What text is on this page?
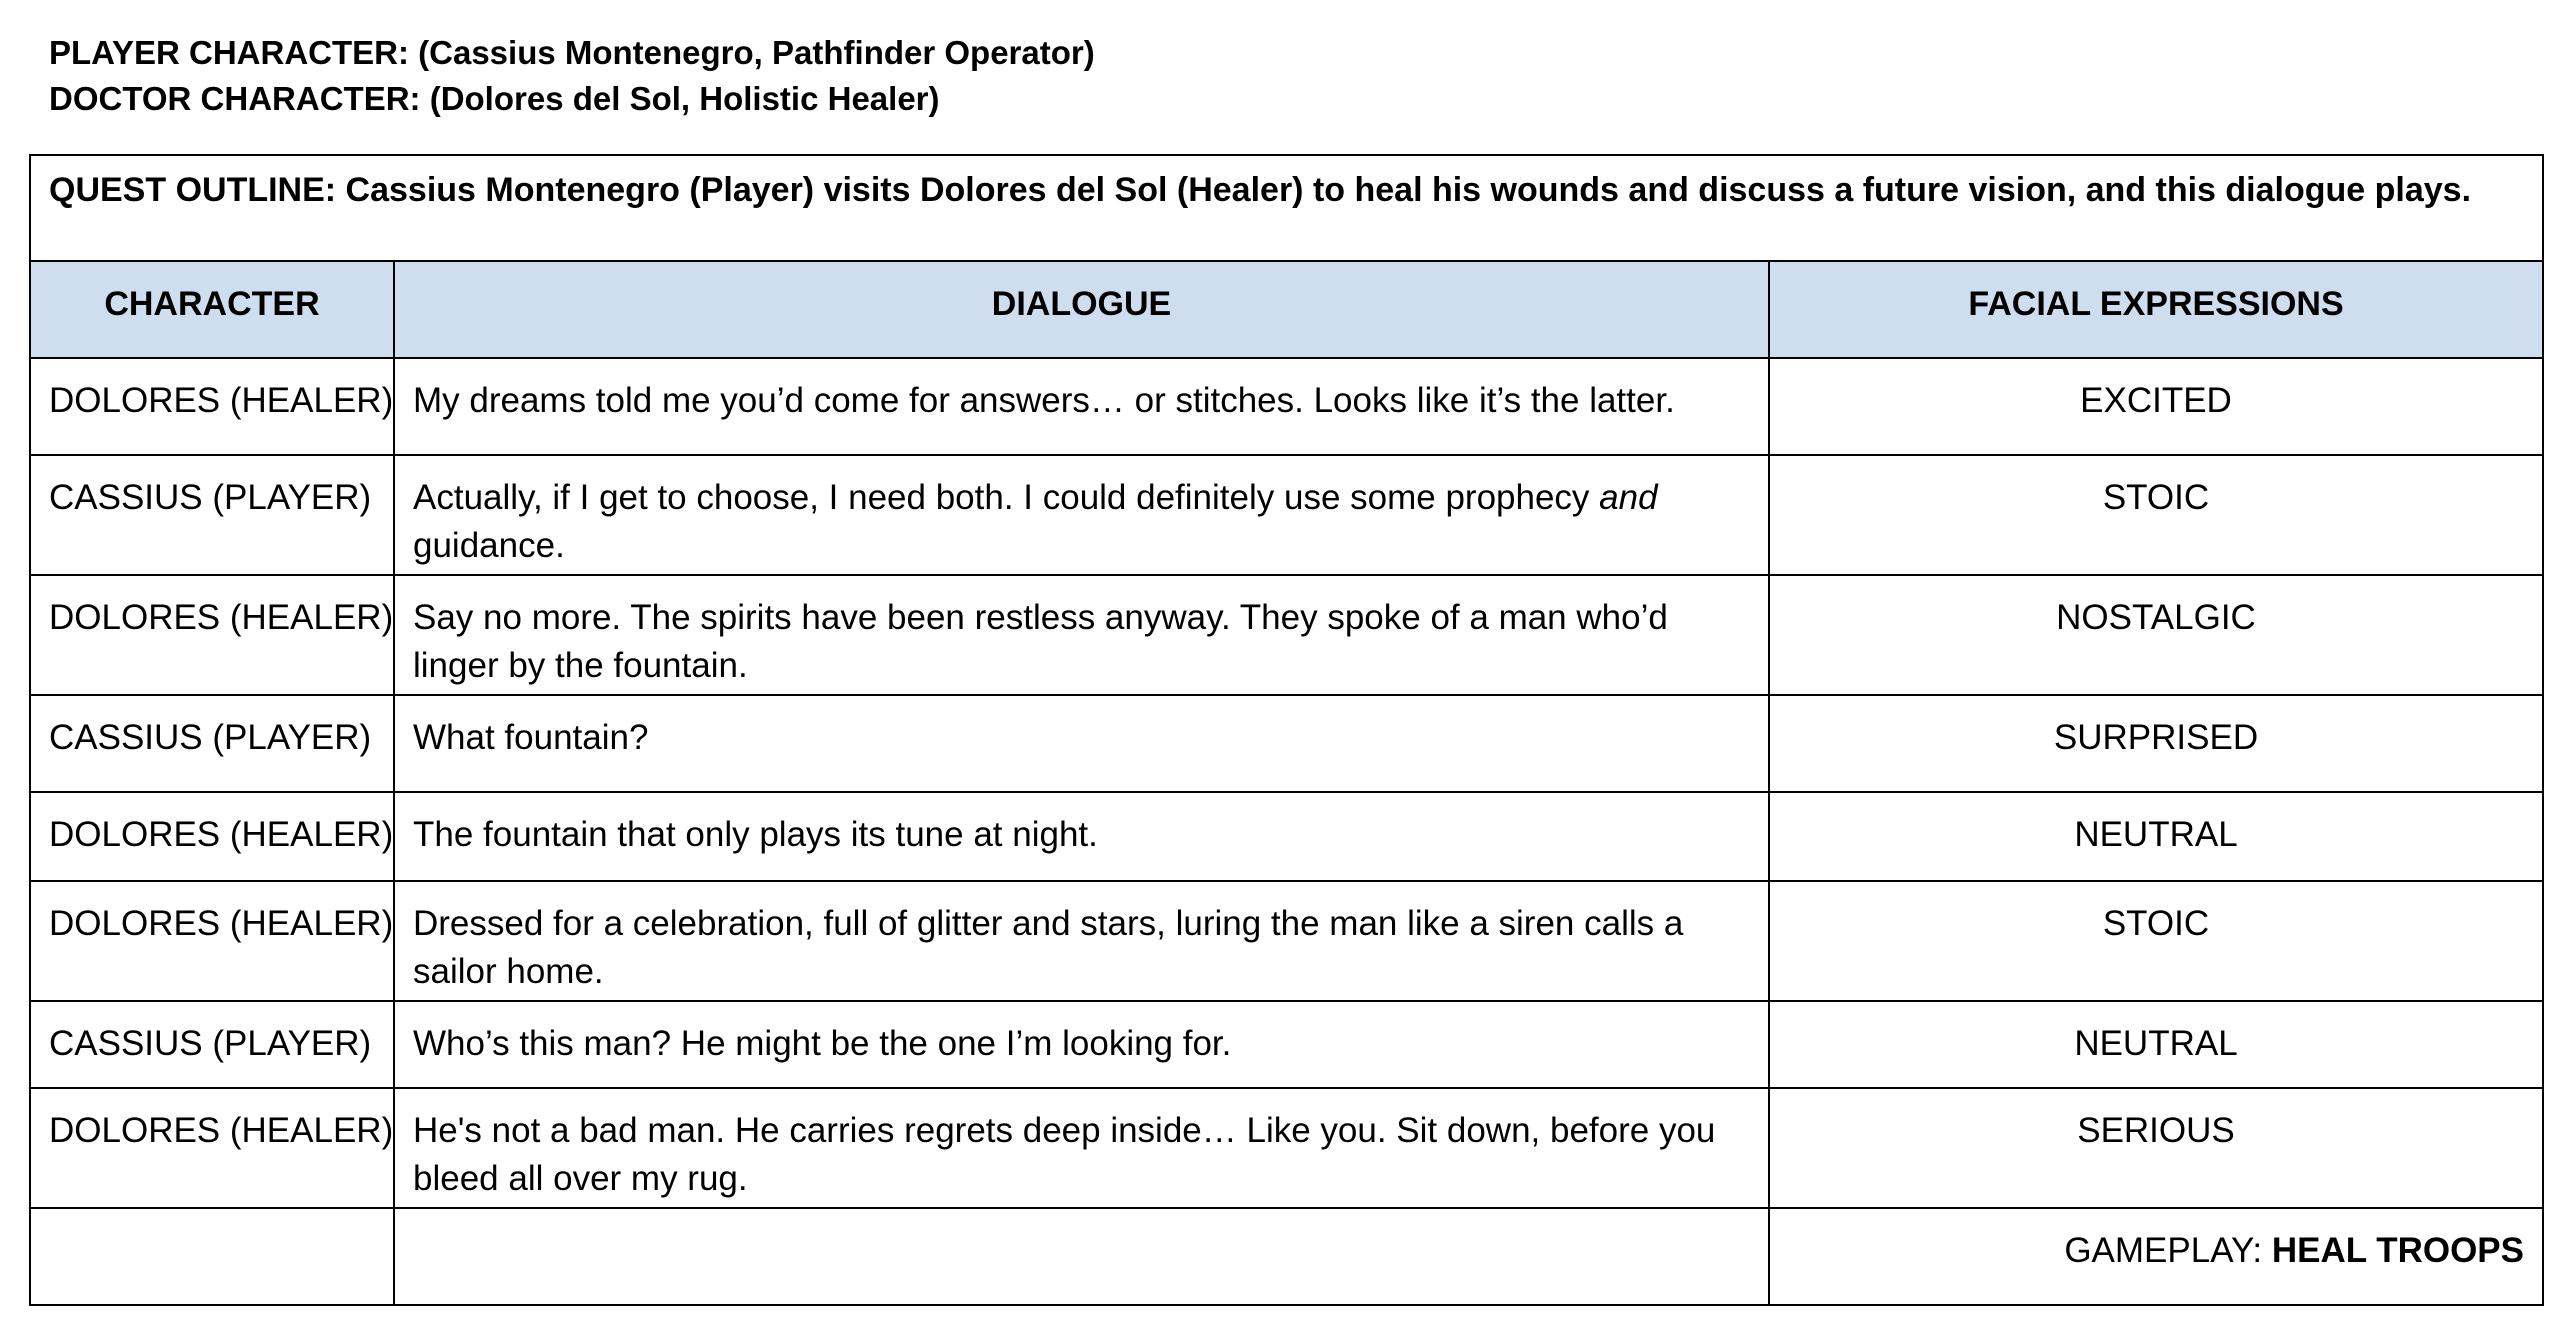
PLAYER CHARACTER: (Cassius Montenegro, Pathfinder Operator)
DOCTOR CHARACTER: (Dolores del Sol, Holistic Healer)
QUEST OUTLINE: Cassius Montenegro (Player) visits Dolores del Sol (Healer) to heal his wounds and discuss a future vision, and this dialogue plays.		
CHARACTER	DIALOGUE	FACIAL EXPRESSIONS
DOLORES (HEALER)	My dreams told me you’d come for answers… or stitches. Looks like it’s the latter.	EXCITED
CASSIUS (PLAYER)	Actually, if I get to choose, I need both. I could definitely use some prophecy and guidance.	STOIC
DOLORES (HEALER)	Say no more. The spirits have been restless anyway. They spoke of a man who’d linger by the fountain.	NOSTALGIC
CASSIUS (PLAYER)	What fountain?	SURPRISED
DOLORES (HEALER)	The fountain that only plays its tune at night.	NEUTRAL
DOLORES (HEALER)	Dressed for a celebration, full of glitter and stars, luring the man like a siren calls a sailor home.	STOIC
CASSIUS (PLAYER)	Who’s this man? He might be the one I’m looking for.	NEUTRAL
DOLORES (HEALER)	He's not a bad man. He carries regrets deep inside… Like you. Sit down, before you bleed all over my rug.	SERIOUS
		GAMEPLAY: HEAL TROOPS
